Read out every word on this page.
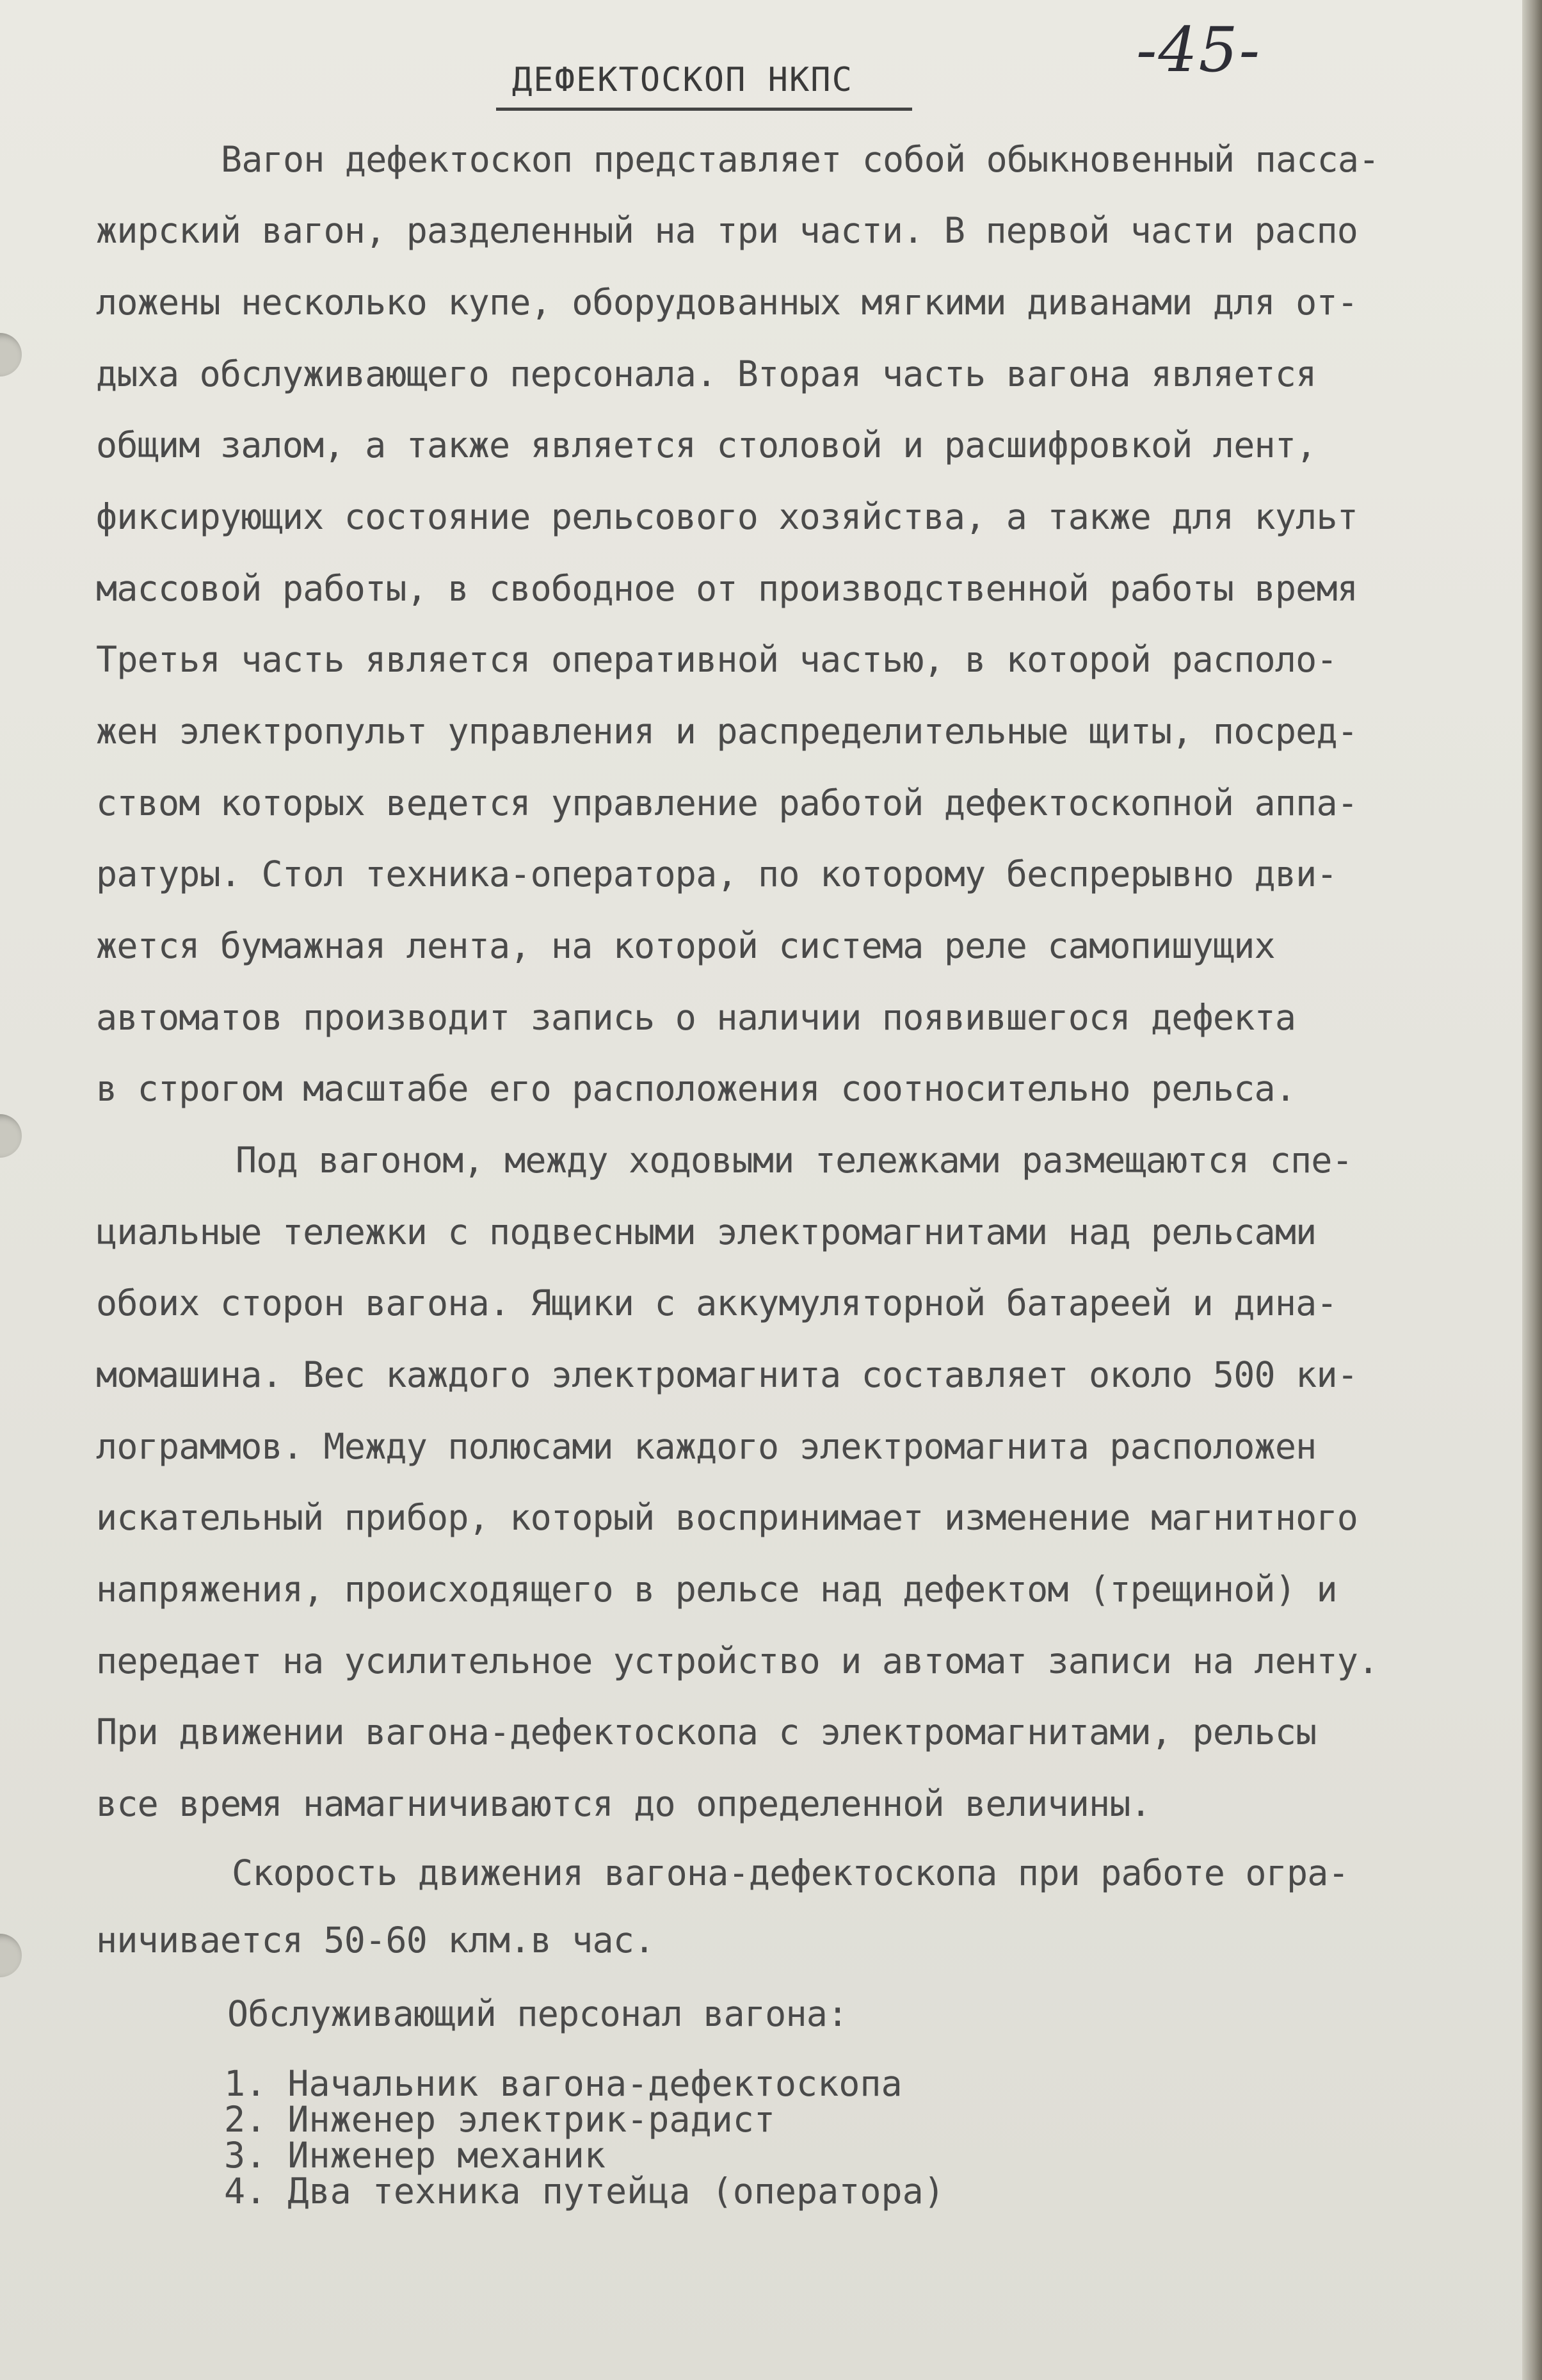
-45-
ДЕФЕКТОСКОП НКПС
Вагон дефектоскоп представляет собой обыкновенный пасса-
жирский вагон, разделенный на три части. В первой части распо
ложены несколько купе, оборудованных мягкими диванами для от-
дыха обслуживающего персонала. Вторая часть вагона является
общим залом, а также является столовой и расшифровкой лент,
фиксирующих состояние рельсового хозяйства, а также для культ
массовой работы, в свободное от производственной работы время
Третья часть является оперативной частью, в которой располо-
жен электропульт управления и распределительные щиты, посред-
ством которых ведется управление работой дефектоскопной аппа-
ратуры. Стол техника-оператора, по которому беспрерывно дви-
жется бумажная лента, на которой система реле самопишущих
автоматов производит запись о наличии появившегося дефекта
в строгом масштабе его расположения соотносительно рельса.
Под вагоном, между ходовыми тележками размещаются спе-
циальные тележки с подвесными электромагнитами над рельсами
обоих сторон вагона. Ящики с аккумуляторной батареей и дина-
момашина. Вес каждого электромагнита составляет около 500 ки-
лограммов. Между полюсами каждого электромагнита расположен
искательный прибор, который воспринимает изменение магнитного
напряжения, происходящего в рельсе над дефектом (трещиной) и
передает на усилительное устройство и автомат записи на ленту.
При движении вагона-дефектоскопа с электромагнитами, рельсы
все время намагничиваются до определенной величины.
Скорость движения вагона-дефектоскопа при работе огра-
ничивается 50-60 клм.в час.
Обслуживающий персонал вагона:
1. Начальник вагона-дефектоскопа
2. Инженер электрик-радист
3. Инженер механик
4. Два техника путейца (оператора)
